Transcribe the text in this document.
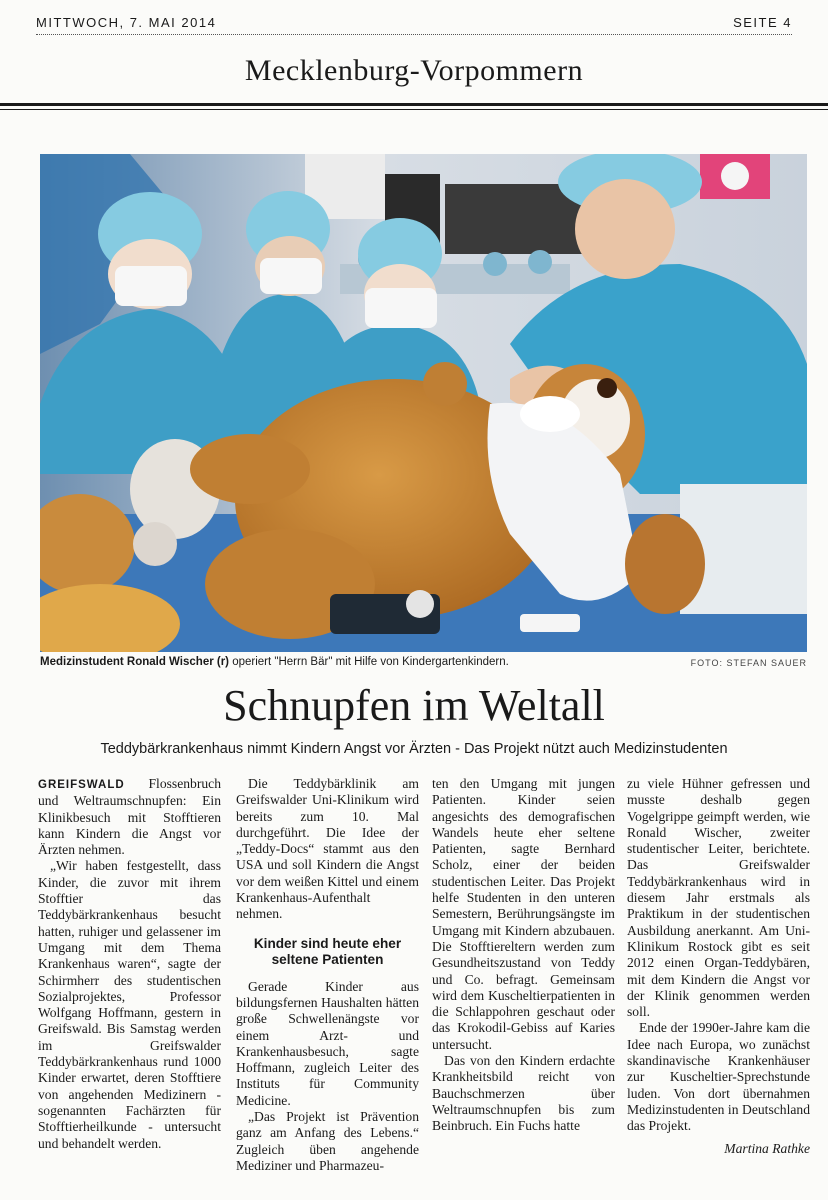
MITTWOCH, 7. MAI 2014	SEITE 4
Mecklenburg-Vorpommern
Medizinstudent Ronald Wischer (r) operiert "Herrn Bär" mit Hilfe von Kindergartenkindern.	FOTO: STEFAN SAUER
Schnupfen im Weltall
Teddybärkrankenhaus nimmt Kindern Angst vor Ärzten - Das Projekt nützt auch Medizinstudenten

GREIFSWALD Flossenbruch und Weltraumschnupfen: Ein Klinikbesuch mit Stofftieren kann Kindern die Angst vor Ärzten nehmen.

„Wir haben festgestellt, dass Kinder, die zuvor mit ihrem Stofftier das Teddybärkrankenhaus besucht hatten, ruhiger und gelassener im Umgang mit dem Thema Krankenhaus waren“, sagte der Schirmherr des studentischen Sozialprojektes, Professor Wolfgang Hoffmann, gestern in Greifswald. Bis Samstag werden im Greifswalder Teddybärkrankenhaus rund 1000 Kinder erwartet, deren Stofftiere von angehenden Medizinern - sogenannten Fachärzten für Stofftierheilkunde - untersucht und behandelt werden.

Die Teddybärklinik am Greifswalder Uni-Klinikum wird bereits zum 10. Mal durchgeführt. Die Idee der „Teddy-Docs“ stammt aus den USA und soll Kindern die Angst vor dem weißen Kittel und einem Krankenhaus-Aufenthalt nehmen.

Kinder sind heute eher seltene Patienten

Gerade Kinder aus bildungsfernen Haushalten hätten große Schwellenängste vor einem Arzt- und Krankenhausbesuch, sagte Hoffmann, zugleich Leiter des Instituts für Community Medicine.

„Das Projekt ist Prävention ganz am Anfang des Lebens.“ Zugleich üben angehende Mediziner und Pharmazeu-

ten den Umgang mit jungen Patienten. Kinder seien angesichts des demografischen Wandels heute eher seltene Patienten, sagte Bernhard Scholz, einer der beiden studentischen Leiter. Das Projekt helfe Studenten in den unteren Semestern, Berührungsängste im Umgang mit Kindern abzubauen. Die Stofftiereltern werden zum Gesundheitszustand von Teddy und Co. befragt. Gemeinsam wird dem Kuscheltierpatienten in die Schlappohren geschaut oder das Krokodil-Gebiss auf Karies untersucht.

Das von den Kindern erdachte Krankheitsbild reicht von Bauchschmerzen über Weltraumschnupfen bis zum Beinbruch. Ein Fuchs hatte

zu viele Hühner gefressen und musste deshalb gegen Vogelgrippe geimpft werden, wie Ronald Wischer, zweiter studentischer Leiter, berichtete. Das Greifswalder Teddybärkrankenhaus wird in diesem Jahr erstmals als Praktikum in der studentischen Ausbildung anerkannt. Am Uni-Klinikum Rostock gibt es seit 2012 einen Organ-Teddybären, mit dem Kindern die Angst vor der Klinik genommen werden soll.

Ende der 1990er-Jahre kam die Idee nach Europa, wo zunächst skandinavische Krankenhäuser zur Kuscheltier-Sprechstunde luden. Von dort übernahmen Medizinstudenten in Deutschland das Projekt.

Martina Rathke
